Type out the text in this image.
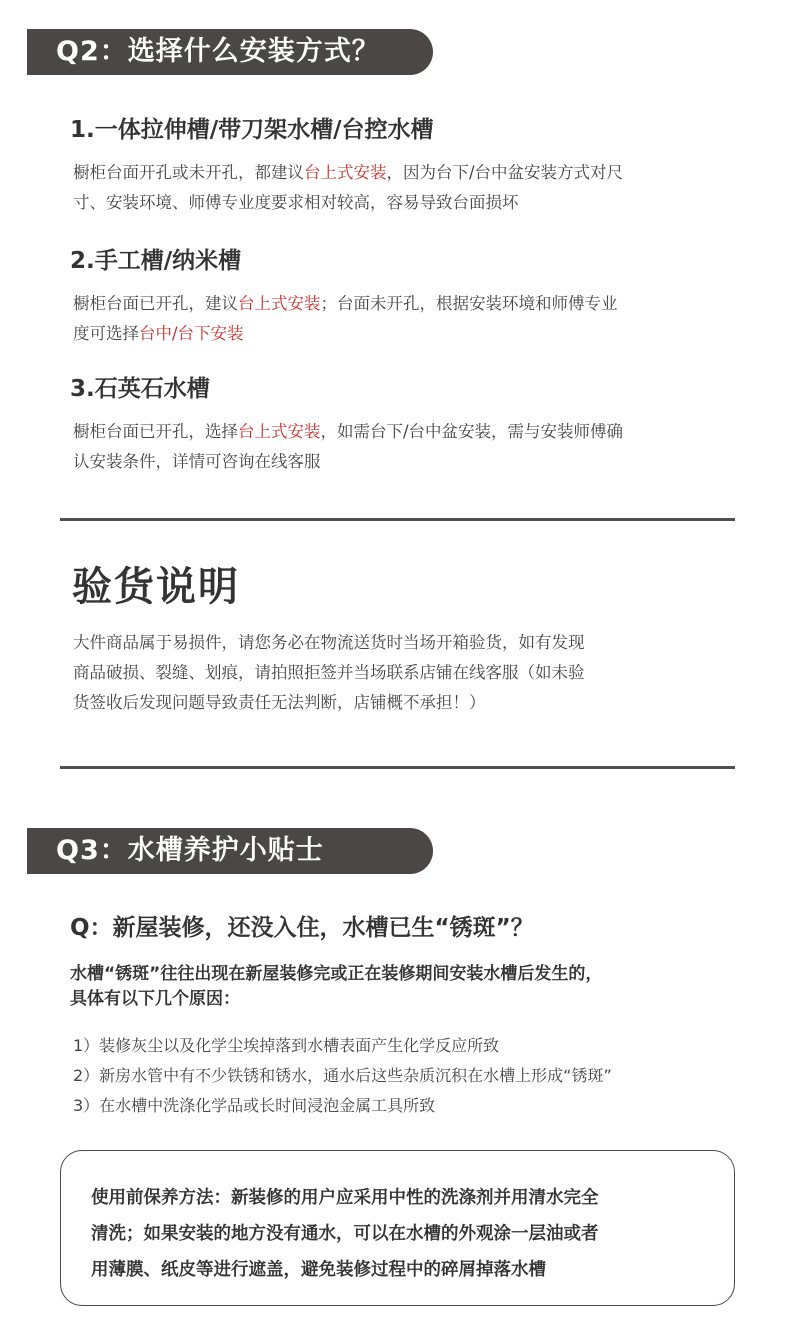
Q2：选择什么安装方式？
1.一体拉伸槽/带刀架水槽/台控水槽

橱柜台面开孔或未开孔，都建议台上式安装，因为台下/台中盆安装方式对尺

寸、安装环境、师傅专业度要求相对较高，容易导致台面损坏

2.手工槽/纳米槽

橱柜台面已开孔，建议台上式安装；台面未开孔，根据安装环境和师傅专业

度可选择台中/台下安装

3.石英石水槽

橱柜台面已开孔，选择台上式安装，如需台下/台中盆安装，需与安装师傅确

认安装条件，详情可咨询在线客服

验货说明

大件商品属于易损件，请您务必在物流送货时当场开箱验货，如有发现

商品破损、裂缝、划痕，请拍照拒签并当场联系店铺在线客服（如未验

货签收后发现问题导致责任无法判断，店铺概不承担！）

Q3：水槽养护小贴士
Q：新屋装修，还没入住，水槽已生“锈斑”？

水槽“锈斑”往往出现在新屋装修完或正在装修期间安装水槽后发生的，

具体有以下几个原因：

1）装修灰尘以及化学尘埃掉落到水槽表面产生化学反应所致

2）新房水管中有不少铁锈和锈水，通水后这些杂质沉积在水槽上形成“锈斑”

3）在水槽中洗涤化学品或长时间浸泡金属工具所致

使用前保养方法：新装修的用户应采用中性的洗涤剂并用清水完全

清洗；如果安装的地方没有通水，可以在水槽的外观涂一层油或者

用薄膜、纸皮等进行遮盖，避免装修过程中的碎屑掉落水槽
